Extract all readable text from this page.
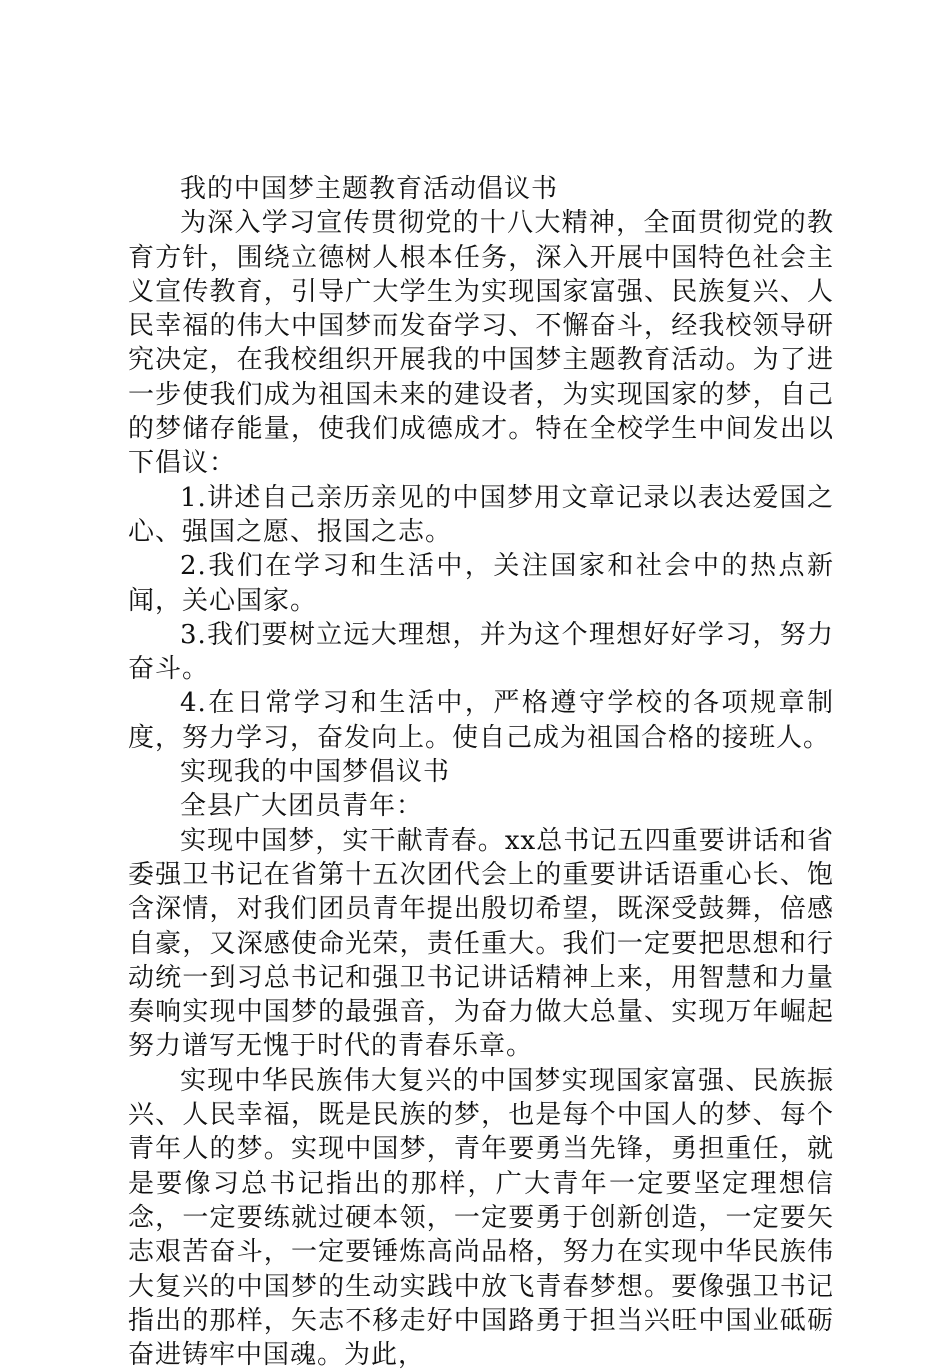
我的中国梦主题教育活动倡议书

为深入学习宣传贯彻党的十八大精神，全面贯彻党的教育方针，围绕立德树人根本任务，深入开展中国特色社会主义宣传教育，引导广大学生为实现国家富强、民族复兴、人民幸福的伟大中国梦而发奋学习、不懈奋斗，经我校领导研究决定，在我校组织开展我的中国梦主题教育活动。为了进一步使我们成为祖国未来的建设者，为实现国家的梦，自己的梦储存能量，使我们成德成才。特在全校学生中间发出以下倡议：

1.讲述自己亲历亲见的中国梦用文章记录以表达爱国之心、强国之愿、报国之志。

2.我们在学习和生活中，关注国家和社会中的热点新闻，关心国家。

3.我们要树立远大理想，并为这个理想好好学习，努力奋斗。

4.在日常学习和生活中，严格遵守学校的各项规章制度，努力学习，奋发向上。使自己成为祖国合格的接班人。

实现我的中国梦倡议书

全县广大团员青年：

实现中国梦，实干献青春。xx总书记五四重要讲话和省委强卫书记在省第十五次团代会上的重要讲话语重心长、饱含深情，对我们团员青年提出殷切希望，既深受鼓舞，倍感自豪，又深感使命光荣，责任重大。我们一定要把思想和行动统一到习总书记和强卫书记讲话精神上来，用智慧和力量奏响实现中国梦的最强音，为奋力做大总量、实现万年崛起努力谱写无愧于时代的青春乐章。

实现中华民族伟大复兴的中国梦实现国家富强、民族振兴、人民幸福，既是民族的梦，也是每个中国人的梦、每个青年人的梦。实现中国梦，青年要勇当先锋，勇担重任，就是要像习总书记指出的那样，广大青年一定要坚定理想信念，一定要练就过硬本领，一定要勇于创新创造，一定要矢志艰苦奋斗，一定要锤炼高尚品格，努力在实现中华民族伟大复兴的中国梦的生动实践中放飞青春梦想。要像强卫书记指出的那样，矢志不移走好中国路勇于担当兴旺中国业砥砺奋进铸牢中国魂。为此，
